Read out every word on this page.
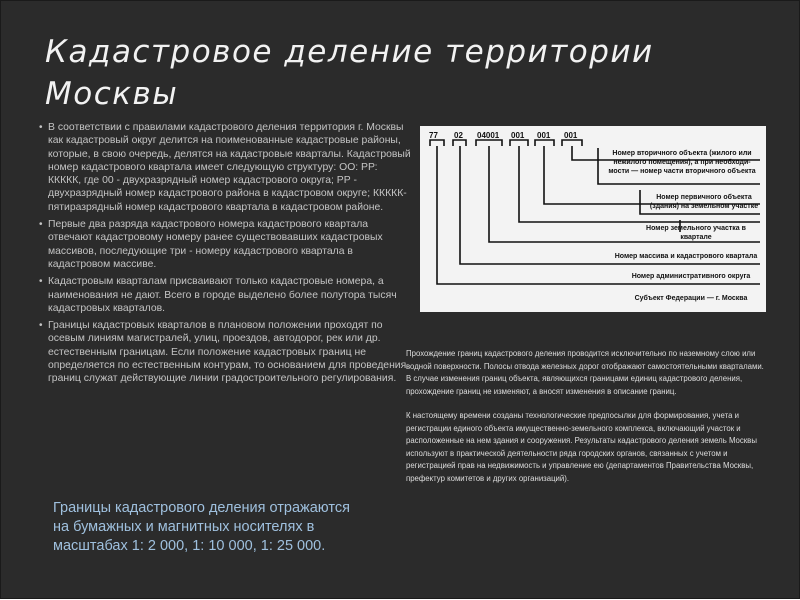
Кадастровое деление территории Москвы
• В соответствии с правилами кадастрового деления территория г. Москвы как кадастровый округ делится на поименованные кадастровые районы, которые, в свою очередь, делятся на кадастровые кварталы. Кадастровый номер кадастрового квартала имеет следующую структуру: ОО: РР: ККККК, где 00 - двухразрядный номер кадастрового округа; РР - двухразрядный номер кадастрового района в кадастровом округе; ККККК-пятиразрядный номер кадастрового квартала в кадастровом районе.
• Первые два разряда кадастрового номера кадастрового квартала отвечают кадастровому номеру ранее существовавших кадастровых массивов, последующие три - номеру кадастрового квартала в кадастровом массиве.
• Кадастровым кварталам присваивают только кадастровые номера, а наименования не дают. Всего в городе выделено более полутора тысяч кадастровых кварталов.
• Границы кадастровых кварталов в плановом положении проходят по осевым линиям магистралей, улиц, проездов, автодорог, рек или др. естественным границам. Если положение кадастровых границ не определяется по естественным контурам, то основанием для проведения границ служат действующие линии градостроительного регулирования.
Границы кадастрового деления отражаются
на бумажных и магнитных носителях в
масштабах 1: 2 000, 1: 10 000, 1: 25 000.
77 02 04001 001 001 001
Номер вторичного объекта (жилого или нежилого помещения), а при необходи- мости — номер части вторичного объекта
Номер первичного объекта (здания) на земельном участке
Номер земельного участка в квартале
Номер массива и кадастрового квартала
Номер административного округа
Субъект Федерации — г. Москва

Прохождение границ кадастрового деления проводится исключительно по наземному слою или водной поверхности. Полосы отвода железных дорог отображают самостоятельными кварталами. В случае изменения границ объекта, являющихся границами единиц кадастрового деления, прохождение границ не изменяют, а вносят изменения в описание границ.

К настоящему времени созданы технологические предпосылки для формирования, учета и регистрации единого объекта имущественно-земельного комплекса, включающий участок и расположенные на нем здания и сооружения. Результаты кадастрового деления земель Москвы используют в практической деятельности ряда городских органов, связанных с учетом и регистрацией прав на недвижимость и управление ею (департаментов Правительства Москвы, префектур комитетов и других организаций).
